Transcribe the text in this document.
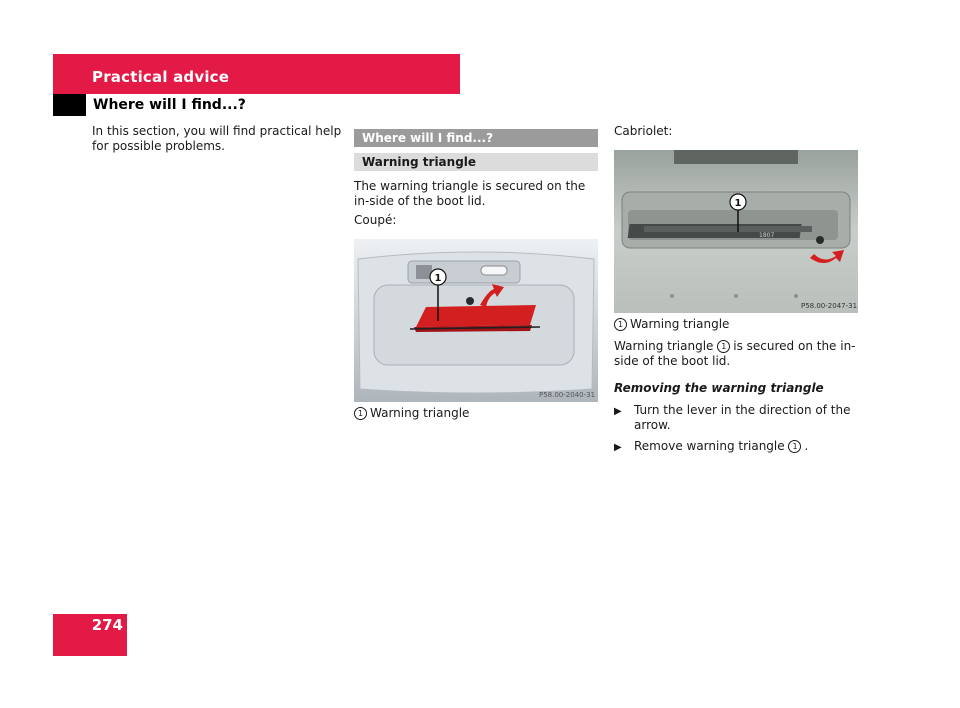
Practical advice
Where will I find...?
In this section, you will find practical help for possible problems.
Where will I find...?
Warning triangle
The warning triangle is secured on the in-side of the boot lid.
Coupé:
1
P58.00-2040-31
1 Warning triangle
Cabriolet:
1807
1
P58.00-2047-31
1 Warning triangle
Warning triangle 1 is secured on the in-side of the boot lid.
Removing the warning triangle
▶ Turn the lever in the direction of the arrow.
▶ Remove warning triangle 1 .
274
